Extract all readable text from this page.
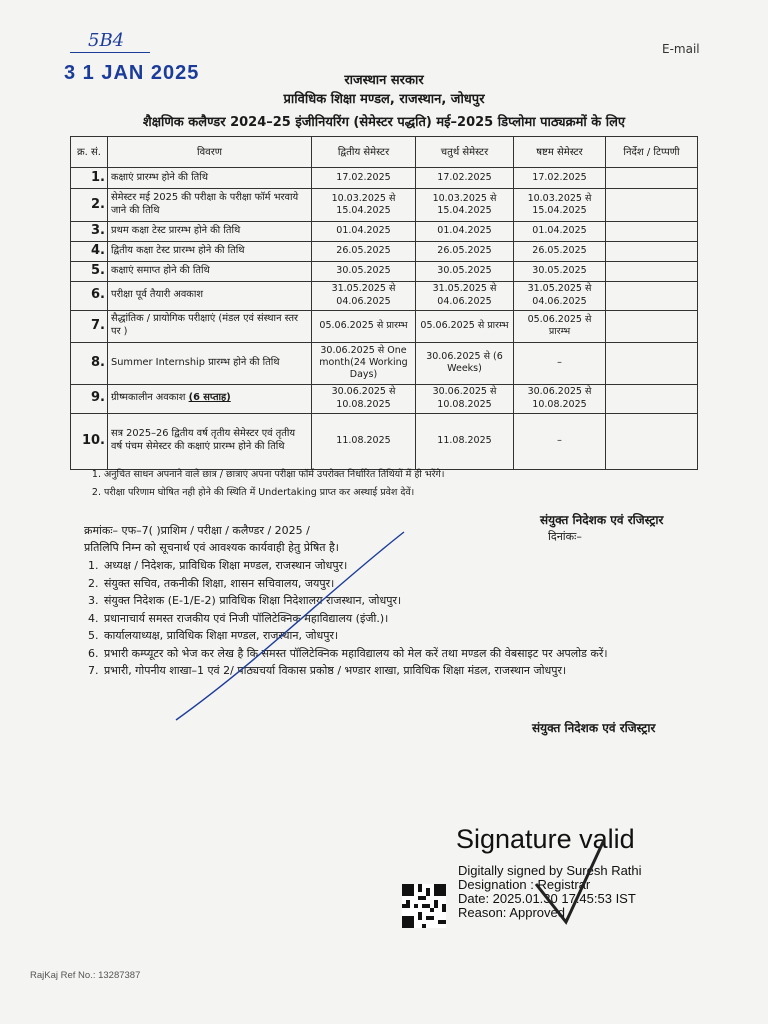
5B4
3 1 JAN 2025
E-mail
राजस्थान सरकार
प्राविधिक शिक्षा मण्डल, राजस्थान, जोधपुर
शैक्षणिक कलैण्डर 2024–25 इंजीनियरिंग (सेमेस्टर पद्धति) मई–2025 डिप्लोमा पाठ्यक्रमों के लिए
क्र. सं.	विवरण	द्वितीय सेमेस्टर	चतुर्थ सेमेस्टर	षष्टम सेमेस्टर	निर्देश / टिप्पणी
1.	कक्षाएं प्रारम्भ होने की तिथि	17.02.2025	17.02.2025	17.02.2025	
2.	सेमेस्टर मई 2025 की परीक्षा के परीक्षा फॉर्म भरवाये जाने की तिथि	10.03.2025 से 15.04.2025	10.03.2025 से 15.04.2025	10.03.2025 से 15.04.2025	
3.	प्रथम कक्षा टेस्ट प्रारम्भ होने की तिथि	01.04.2025	01.04.2025	01.04.2025	
4.	द्वितीय कक्षा टेस्ट प्रारम्भ होने की तिथि	26.05.2025	26.05.2025	26.05.2025	
5.	कक्षाएं समाप्त होने की तिथि	30.05.2025	30.05.2025	30.05.2025	
6.	परीक्षा पूर्व तैयारी अवकाश	31.05.2025 से 04.06.2025	31.05.2025 से 04.06.2025	31.05.2025 से 04.06.2025	
7.	सैद्धांतिक / प्रायोगिक परीक्षाएं (मंडल एवं संस्थान स्तर पर )	05.06.2025 से प्रारम्भ	05.06.2025 से प्रारम्भ	05.06.2025 से प्रारम्भ	
8.	Summer Internship प्रारम्भ होने की तिथि	30.06.2025 से One month(24 Working Days)	30.06.2025 से (6 Weeks)	–	
9.	ग्रीष्मकालीन अवकाश (6 सप्ताह)	30.06.2025 से 10.08.2025	30.06.2025 से 10.08.2025	30.06.2025 से 10.08.2025	
10.	सत्र 2025–26 द्वितीय वर्ष तृतीय सेमेस्टर एवं तृतीय वर्ष पंचम सेमेस्टर की कक्षाएं प्रारम्भ होने की तिथि	11.08.2025	11.08.2025	–	
1. अनुचित साधन अपनाने वाले छात्र / छात्राएं अपना परीक्षा फॉर्म उपरोक्त निर्धारित तिथियों में ही भरेंगे।
2. परीक्षा परिणाम घोषित नही होने की स्थिति में Undertaking प्राप्त कर अस्थाई प्रवेश देवें।
संयुक्त निदेशक एवं रजिस्ट्रार
दिनांकः–
क्रमांकः– एफ–7( )प्राशिम / परीक्षा / कलैण्डर / 2025 /
प्रतिलिपि निम्न को सूचनार्थ एवं आवश्यक कार्यवाही हेतु प्रेषित है।
1. अध्यक्ष / निदेशक, प्राविधिक शिक्षा मण्डल, राजस्थान जोधपुर।
2. संयुक्त सचिव, तकनीकी शिक्षा, शासन सचिवालय, जयपुर।
3. संयुक्त निदेशक (E-1/E-2) प्राविधिक शिक्षा निदेशालय राजस्थान, जोधपुर।
4. प्रधानाचार्य समस्त राजकीय एवं निजी पॉलिटेक्निक महाविद्यालय (इंजी.)।
5. कार्यालयाध्यक्ष, प्राविधिक शिक्षा मण्डल, राजस्थान, जोधपुर।
6. प्रभारी कम्प्यूटर को भेज कर लेख है कि समस्त पॉलिटेक्निक महाविद्यालय को मेल करें तथा मण्डल की वेबसाइट पर अपलोड करें।
7. प्रभारी, गोपनीय शाखा–1 एवं 2/ पाठ्यचर्या विकास प्रकोष्ठ / भण्डार शाखा, प्राविधिक शिक्षा मंडल, राजस्थान जोधपुर।
संयुक्त निदेशक एवं रजिस्ट्रार
Signature valid
Digitally signed by Suresh Rathi
Designation : Registrar
Date: 2025.01.30 17:45:53 IST
Reason: Approved
RajKaj Ref No.: 13287387
